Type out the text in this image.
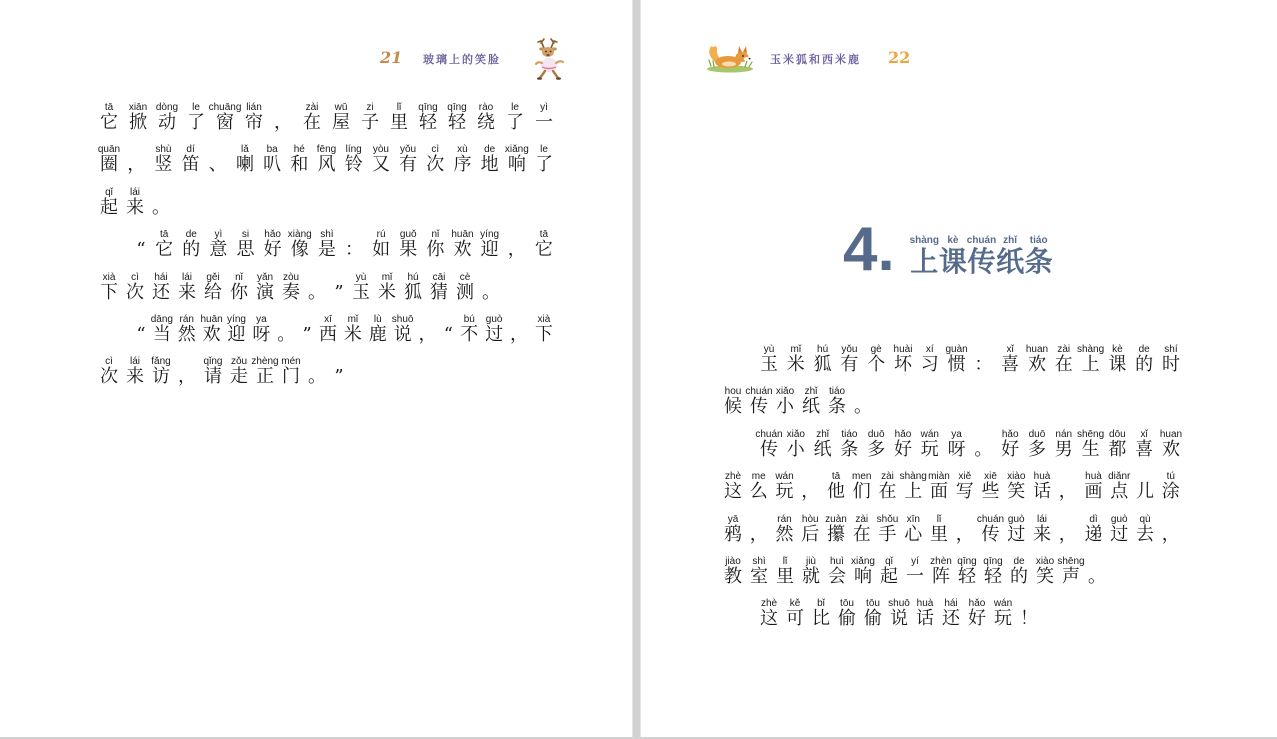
21 玻璃上的笑脸
tā
它
xiān
掀
dòng
动
le
了
chuāng
窗
lián
帘 ，
zài
在
wū
屋
zi
子
lǐ
里
qīng
轻
qīng
轻
rào
绕
le
了
yì
一
quān
圈 ，
shù
竖
dí
笛 、
lǎ
喇
ba
叭
hé
和
fēng
风
líng
铃
yòu
又
yǒu
有
cì
次
xù
序
de
地
xiǎng
响
le
了
qǐ
起
lái
来 。
“
tā
它
de
的
yì
意
si
思
hǎo
好
xiàng
像
shì
是 ：
rú
如
guǒ
果
nǐ
你
huān
欢
yíng
迎 ，
tā
它
xià
下
cì
次
hái
还
lái
来
gěi
给
nǐ
你
yǎn
演
zòu
奏 。 ”
yù
玉
mǐ
米
hú
狐
cāi
猜
cè
测 。
“
dāng
当
rán
然
huān
欢
yíng
迎
ya
呀 。 ”
xī
西
mǐ
米
lù
鹿
shuō
说 ， “
bú
不
guò
过 ，
xià
下
cì
次
lái
来
fǎng
访 ，
qǐng
请
zǒu
走
zhèng
正
mén
门 。 ”
玉米狐和西米鹿 22
4. shàng
上
kè
课
chuán
传
zhǐ
纸
tiáo
条
yù
玉
mǐ
米
hú
狐
yǒu
有
gè
个
huài
坏
xí
习
guàn
惯 ：
xǐ
喜
huan
欢
zài
在
shàng
上
kè
课
de
的
shí
时
hou
候
chuán
传
xiǎo
小
zhǐ
纸
tiáo
条 。
chuán
传
xiǎo
小
zhǐ
纸
tiáo
条
duō
多
hǎo
好
wán
玩
ya
呀 。
hǎo
好
duō
多
nán
男
shēng
生
dōu
都
xǐ
喜
huan
欢
zhè
这
me
么
wán
玩 ，
tā
他
men
们
zài
在
shàng
上
miàn
面
xiě
写
xiē
些
xiào
笑
huà
话 ，
huà
画
diǎnr
点 儿
tú
涂
yā
鸦 ，
rán
然
hòu
后
zuàn
攥
zài
在
shǒu
手
xīn
心
lǐ
里 ，
chuán
传
guò
过
lái
来 ，
dì
递
guò
过
qù
去 ，
jiào
教
shì
室
lǐ
里
jiù
就
huì
会
xiǎng
响
qǐ
起
yí
一
zhèn
阵
qīng
轻
qīng
轻
de
的
xiào
笑
shēng
声 。
zhè
这
kě
可
bǐ
比
tōu
偷
tōu
偷
shuō
说
huà
话
hái
还
hǎo
好
wán
玩 ！
